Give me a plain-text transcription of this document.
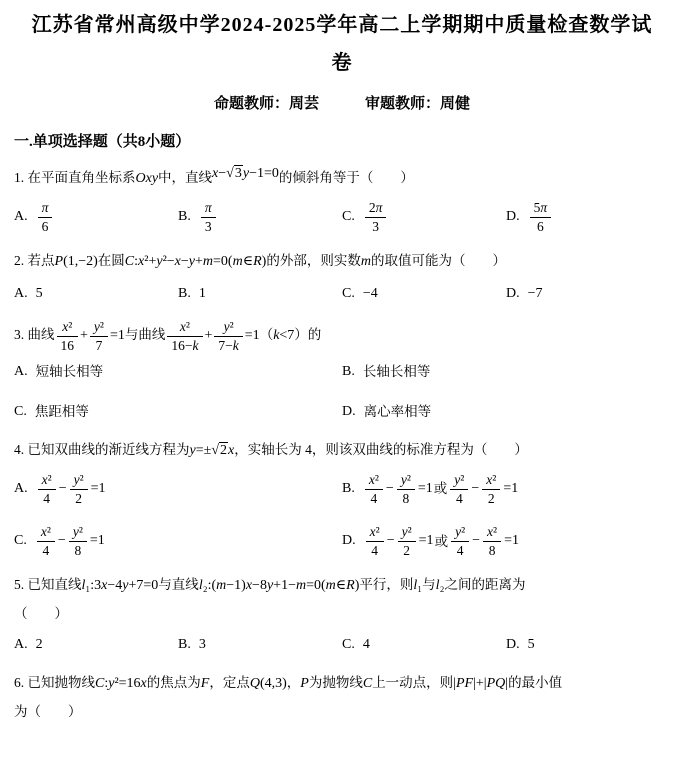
江苏省常州高级中学2024-2025学年高二上学期期中质量检查数学试
卷
命题教师：周芸	审题教师：周健
一.单项选择题（共8小题）
1. 在平面直角坐标系Oxy中，直线x−√3y−1=0的倾斜角等于（　　）
A. $\frac{\pi}{6}$	B. $\frac{\pi}{3}$	C. $\frac{2\pi}{3}$	D. $\frac{5\pi}{6}$
2. 若点P(1,−2)在圆C:x²+y²−x−y+m=0(m∈R)的外部，则实数m的取值可能为（　　）
A. 5	B. 1	C. −4	D. −7
3. 曲线 $\frac{\text{x²}}{16} + \frac{\text{y²}}{7} =1$与曲线 $\frac{\text{x²}}{16-k} + \frac{\text{y²}}{7-k} =1(k<7)$的
A. 短轴长相等	B. 长轴长相等
C. 焦距相等	D. 离心率相等
4. 已知双曲线的渐近线方程为y=±√2x，实轴长为 4，则该双曲线的标准方程为（　　）
A. $\frac{\text{x²}}{4} - \frac{\text{y²}}{2} =1$	B. $\frac{\text{x²}}{4} - \frac{\text{y²}}{8} =1$ 或 $\frac{\text{y²}}{4} - \frac{\text{x²}}{2} =1$
C. $\frac{\text{x²}}{4} - \frac{\text{y²}}{8} =1$	D. $\frac{\text{x²}}{4} - \frac{\text{y²}}{2} =1$ 或 $\frac{\text{y²}}{4} - \frac{\text{x²}}{8} =1$
5. 已知直线l₁:3x−4y+7=0与直线l₂:(m−1)x−8y+1−m=0(m∈R)平行，则l₁与l₂之间的距离为
（　　）
A. 2	B. 3	C. 4	D. 5
6. 已知抛物线C:y²=16x的焦点为F，定点Q(4,3)，P为抛物线C上一动点，则|PF|+|PQ|的最小值
为（　　）
